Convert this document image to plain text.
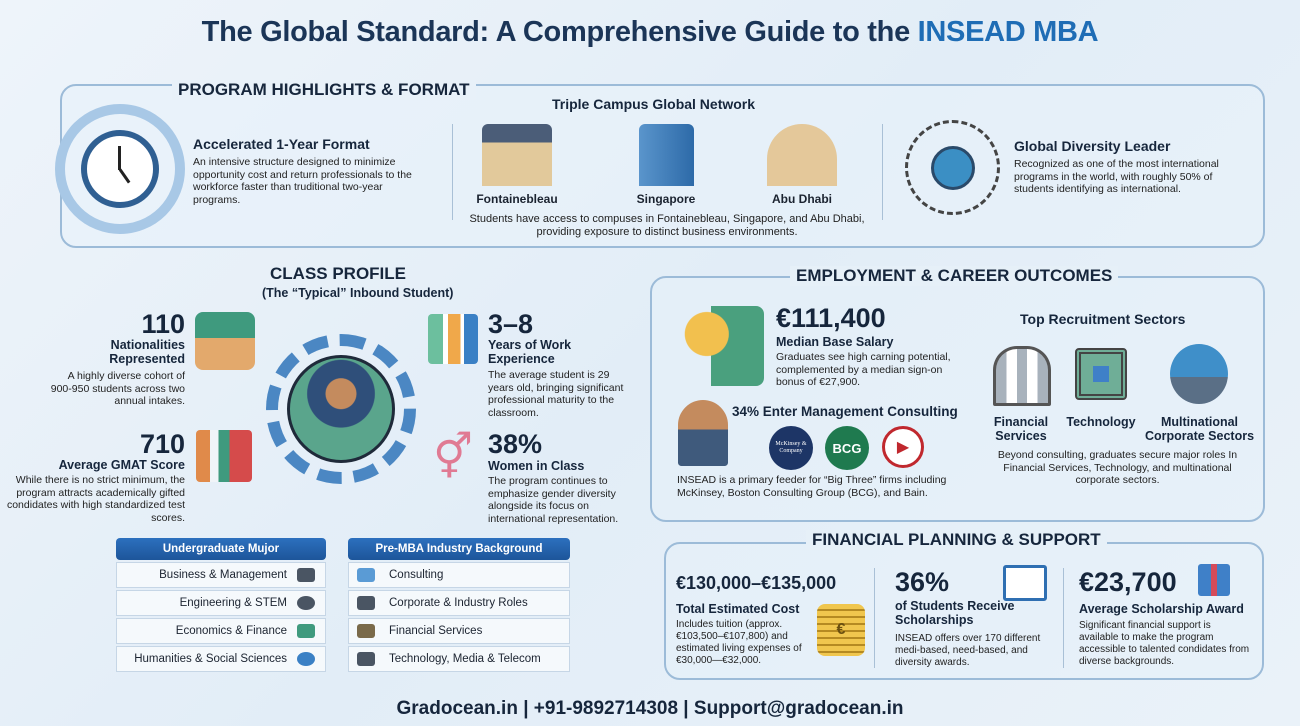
The Global Standard: A Comprehensive Guide to the INSEAD MBA
PROGRAM HIGHLIGHTS & FORMAT
Accelerated 1-Year Format
An intensive structure designed to minimize opportunity cost and return professionals to the workforce faster than truditional two-year programs.
Triple Campus Global Network
Fontainebleau	Singapore	Abu Dhabi
Students have access to compuses in Fontainebleau, Singapore, and Abu Dhabi, providing exposure to distinct business environments.
Global Diversity Leader
Recognized as one of the most international programs in the world, with roughly 50% of students identifying as international.
CLASS PROFILE
(The “Typical” Inbound Student)
110
Nationalities Represented
A highly diverse cohort of 900-950 students across two annual intakes.
710
Average GMAT Score
While there is no strict minimum, the program attracts academically gifted condidates with high standardized test scores.
3–8
Years of Work Experience
The average student is 29 years old, bringing significant professional maturity to the classroom.
⚥ 38%
Women in Class
The program continues to emphasize gender diversity alongside its focus on international representation.
Undergraduate Mujor
Business & Management
Engineering & STEM
Economics & Finance
Humanities & Social Sciences
Pre-MBA Industry Background
Consulting
Corporate & Industry Roles
Financial Services
Technology, Media & Telecom
EMPLOYMENT & CAREER OUTCOMES
€111,400
Median Base Salary
Graduates see high carning potential, complemented by a median sign-on bonus of €27,900.
34% Enter Management Consulting
McKinsey & Company	BCG	▶
INSEAD is a primary feeder for “Big Three” firms including McKinsey, Boston Consulting Group (BCG), and Bain.
Top Recruitment Sectors
Financial Services
Technology	Multinational Corporate Sectors
Beyond consulting, graduates secure major roles In Financial Services, Technology, and multinational corporate sectors.
FINANCIAL PLANNING & SUPPORT
€130,000–€135,000
Total Estimated Cost
Includes tuition (approx. €103,500–€107,800) and estimated living expenses of €30,000—€32,000.
€
36%
of Students Receive Scholarships
INSEAD offers over 170 different medi-based, need-based, and diversity awards.
€23,700
Average Scholarship Award
Significant financial support is available to make the program accessible to talented condidates from diverse backgrounds.
Gradocean.in | +91-9892714308 | Support@gradocean.in
